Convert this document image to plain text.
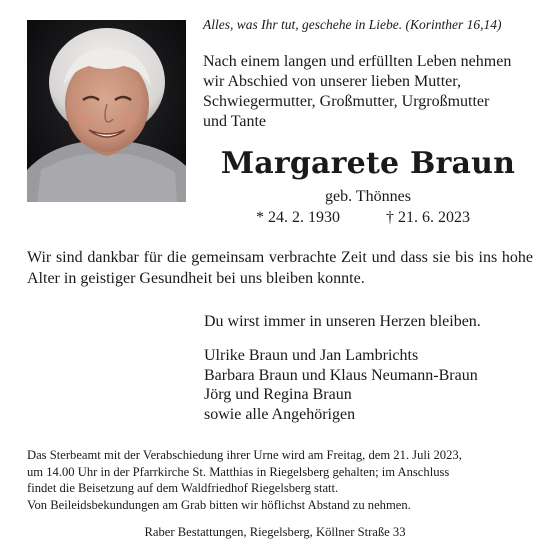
Alles, was Ihr tut, geschehe in Liebe. (Korinther 16,14)
Nach einem langen und erfüllten Leben nehmen
wir Abschied von unserer lieben Mutter,
Schwiegermutter, Großmutter, Urgroßmutter
und Tante
Margarete Braun
geb. Thönnes
* 24. 2. 1930	† 21. 6. 2023
Wir sind dankbar für die gemeinsam verbrachte Zeit und dass sie bis ins hohe Alter in geistiger Gesundheit bei uns bleiben konnte.
Du wirst immer in unseren Herzen bleiben.
Ulrike Braun und Jan Lambrichts
Barbara Braun und Klaus Neumann-Braun
Jörg und Regina Braun
sowie alle Angehörigen
Das Sterbeamt mit der Verabschiedung ihrer Urne wird am Freitag, dem 21. Juli 2023,
um 14.00 Uhr in der Pfarrkirche St. Matthias in Riegelsberg gehalten; im Anschluss
findet die Beisetzung auf dem Waldfriedhof Riegelsberg statt.
Von Beileidsbekundungen am Grab bitten wir höflichst Abstand zu nehmen.
Raber Bestattungen, Riegelsberg, Köllner Straße 33
